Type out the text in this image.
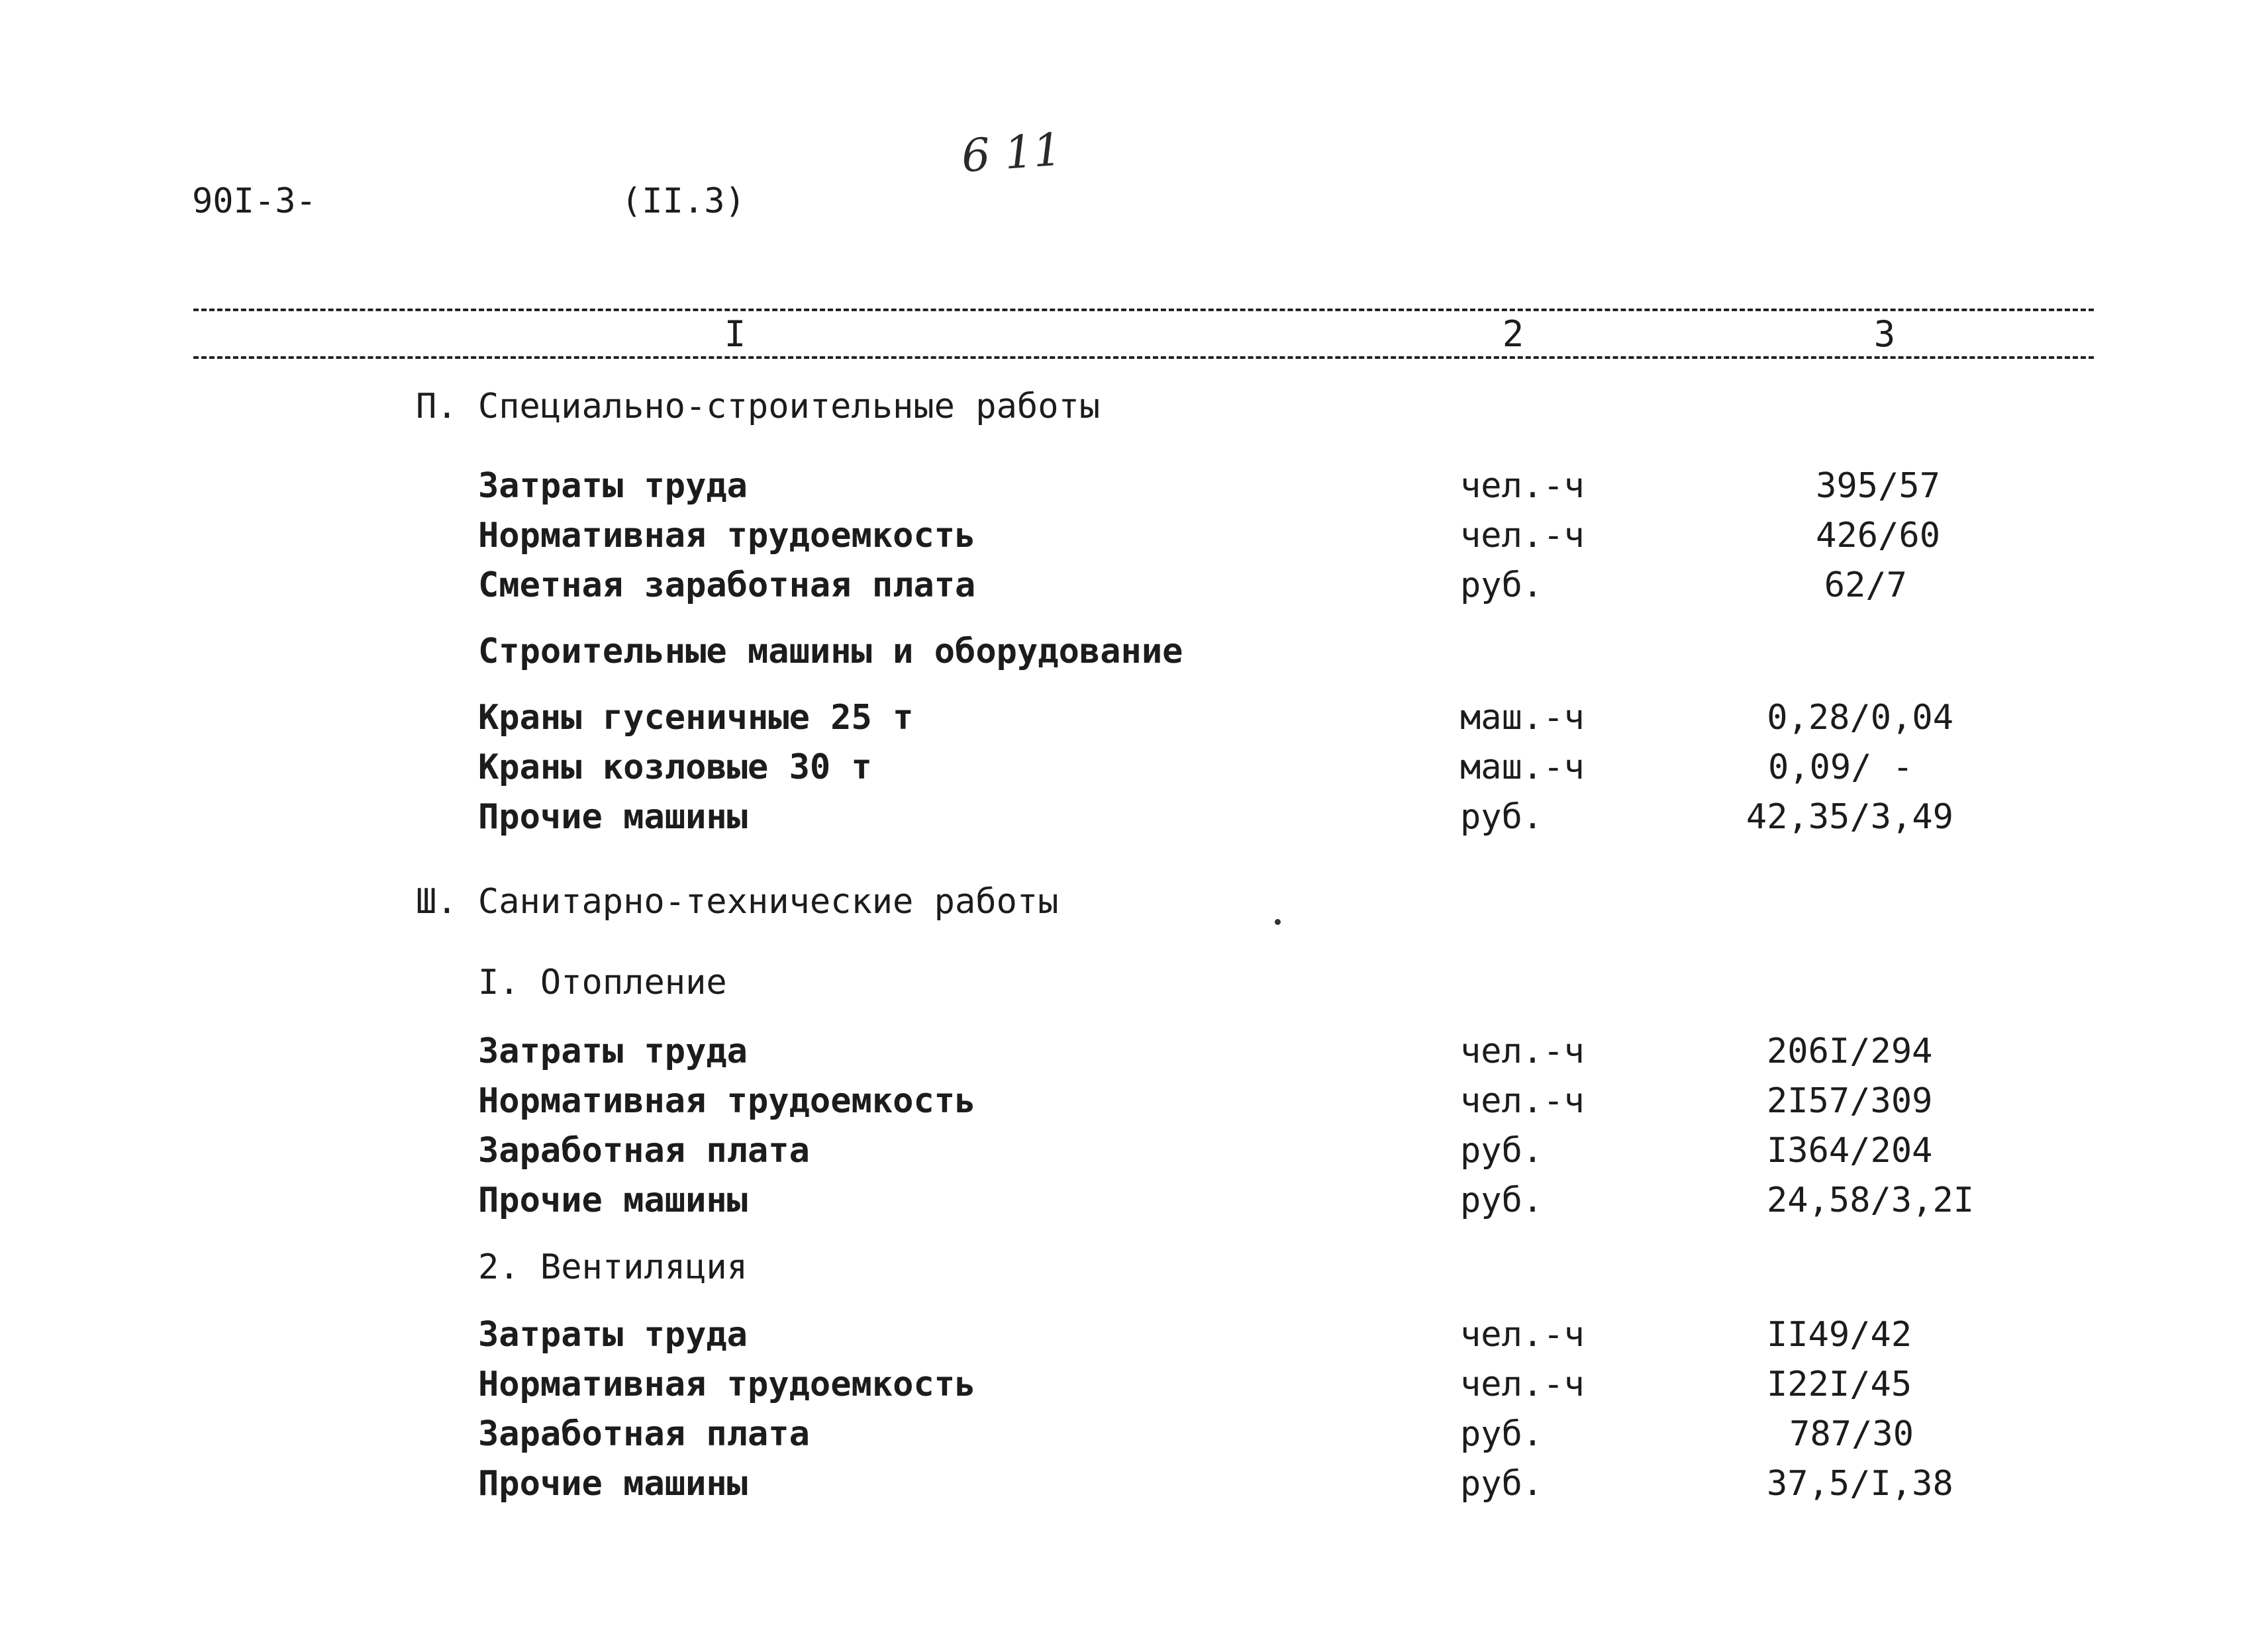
90I-3-	(II.3)
6 11
I	2	3
П. Специально-строительные работы
Затраты труда	чел.-ч	395/57
Нормативная трудоемкость	чел.-ч	426/60
Сметная заработная плата	руб.	62/7
Строительные машины и оборудование
Краны гусеничные 25 т	маш.-ч	0,28/0,04
Краны козловые 30 т	маш.-ч	0,09/ -
Прочие машины	руб.	42,35/3,49
Ш. Санитарно-технические работы
I. Отопление
Затраты труда	чел.-ч	206I/294
Нормативная трудоемкость	чел.-ч	2I57/309
Заработная плата	руб.	I364/204
Прочие машины	руб.	24,58/3,2I
2. Вентиляция
Затраты труда	чел.-ч	II49/42
Нормативная трудоемкость	чел.-ч	I22I/45
Заработная плата	руб.	787/30
Прочие машины	руб.	37,5/I,38
